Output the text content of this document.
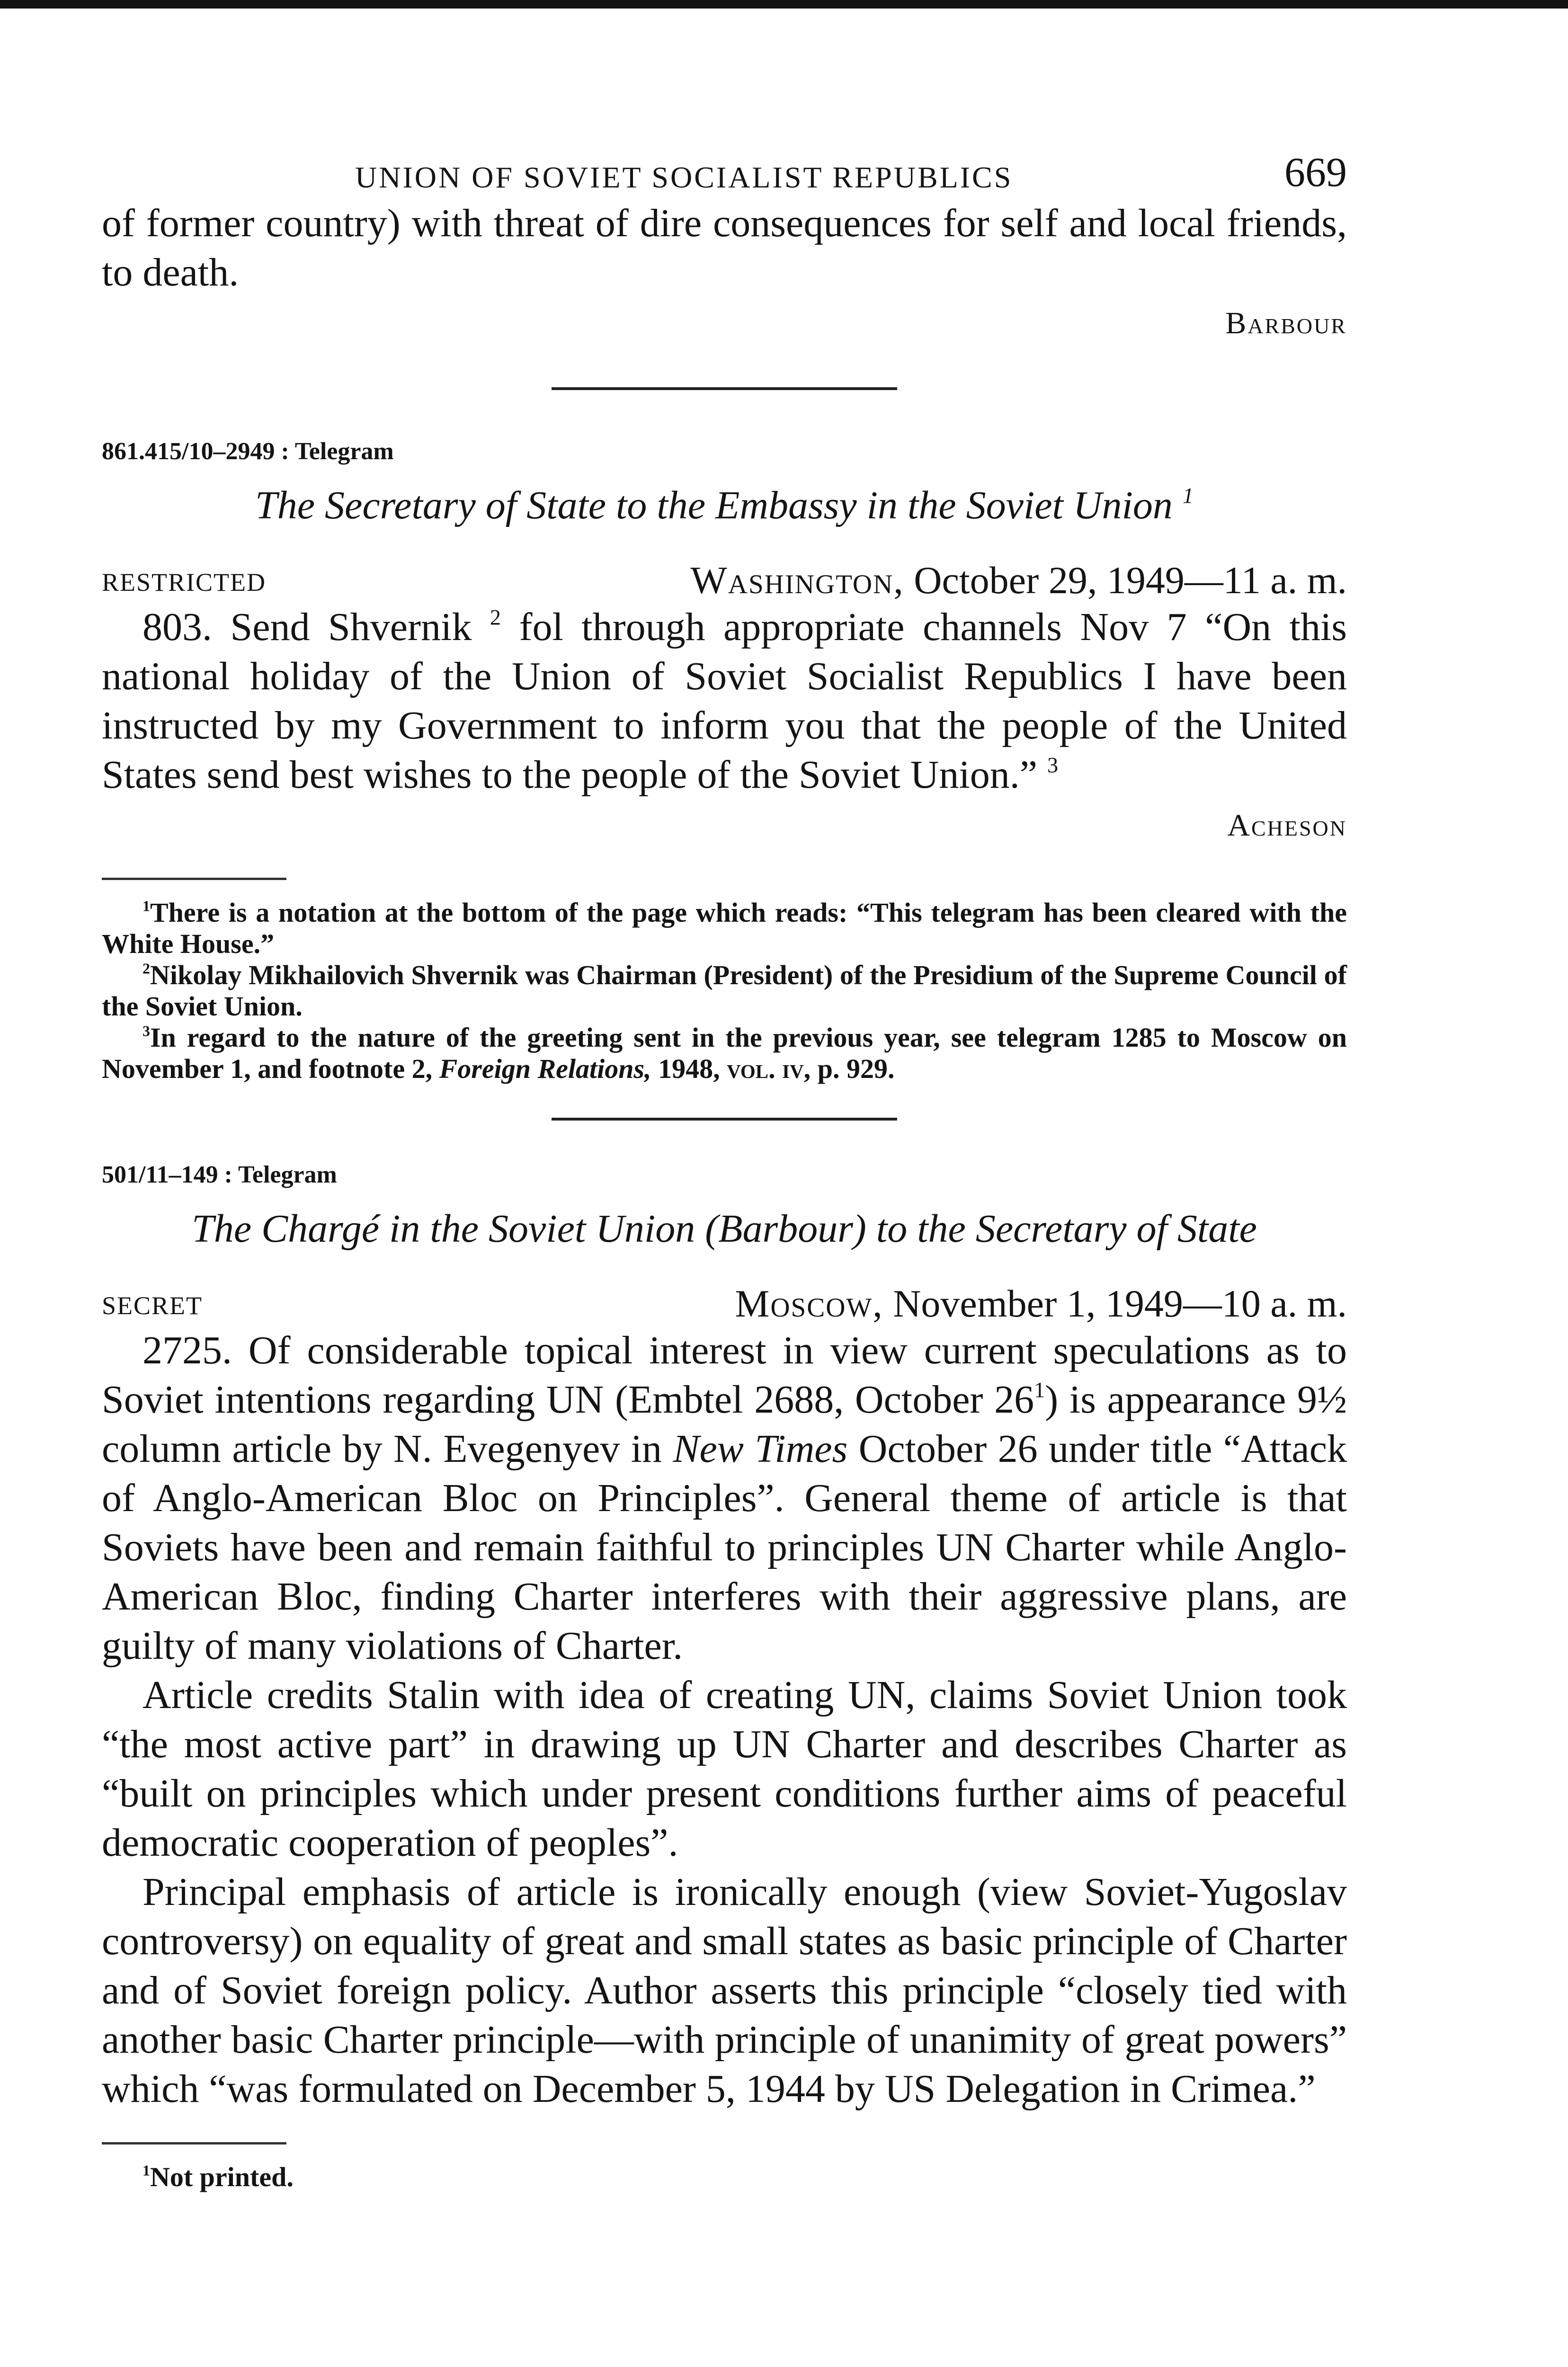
UNION OF SOVIET SOCIALIST REPUBLICS	669

of former country) with threat of dire consequences for self and local friends, to death.

Barbour
861.415/10–2949 : Telegram
The Secretary of State to the Embassy in the Soviet Union $^1$
RESTRICTED	Washington, October 29, 1949—11 a. m.

803. Send Shvernik $^2$ fol through appropriate channels Nov 7 “On this national holiday of the Union of Soviet Socialist Republics I have been instructed by my Government to inform you that the people of the United States send best wishes to the people of the Soviet Union.” $^3$

Acheson

$^1$There is a notation at the bottom of the page which reads: “This telegram has been cleared with the White House.”

$^2$Nikolay Mikhailovich Shvernik was Chairman (President) of the Presidium of the Supreme Council of the Soviet Union.

$^3$In regard to the nature of the greeting sent in the previous year, see telegram 1285 to Moscow on November 1, and footnote 2, Foreign Relations, 1948, vol. iv, p. 929.

501/11–149 : Telegram
The Chargé in the Soviet Union (Barbour) to the Secretary of State
SECRET	Moscow, November 1, 1949—10 a. m.

2725. Of considerable topical interest in view current speculations as to Soviet intentions regarding UN (Embtel 2688, October $26^1$) is appearance 9½ column article by N. Evegenyev in New Times October 26 under title “Attack of Anglo-American Bloc on Principles”. General theme of article is that Soviets have been and remain faithful to principles UN Charter while Anglo-American Bloc, finding Charter interferes with their aggressive plans, are guilty of many violations of Charter.

Article credits Stalin with idea of creating UN, claims Soviet Union took “the most active part” in drawing up UN Charter and describes Charter as “built on principles which under present conditions further aims of peaceful democratic cooperation of peoples”.

Principal emphasis of article is ironically enough (view Soviet-Yugoslav controversy) on equality of great and small states as basic principle of Charter and of Soviet foreign policy. Author asserts this principle “closely tied with another basic Charter principle—with principle of unanimity of great powers” which “was formulated on December 5, 1944 by US Delegation in Crimea.”

$^1$Not printed.
